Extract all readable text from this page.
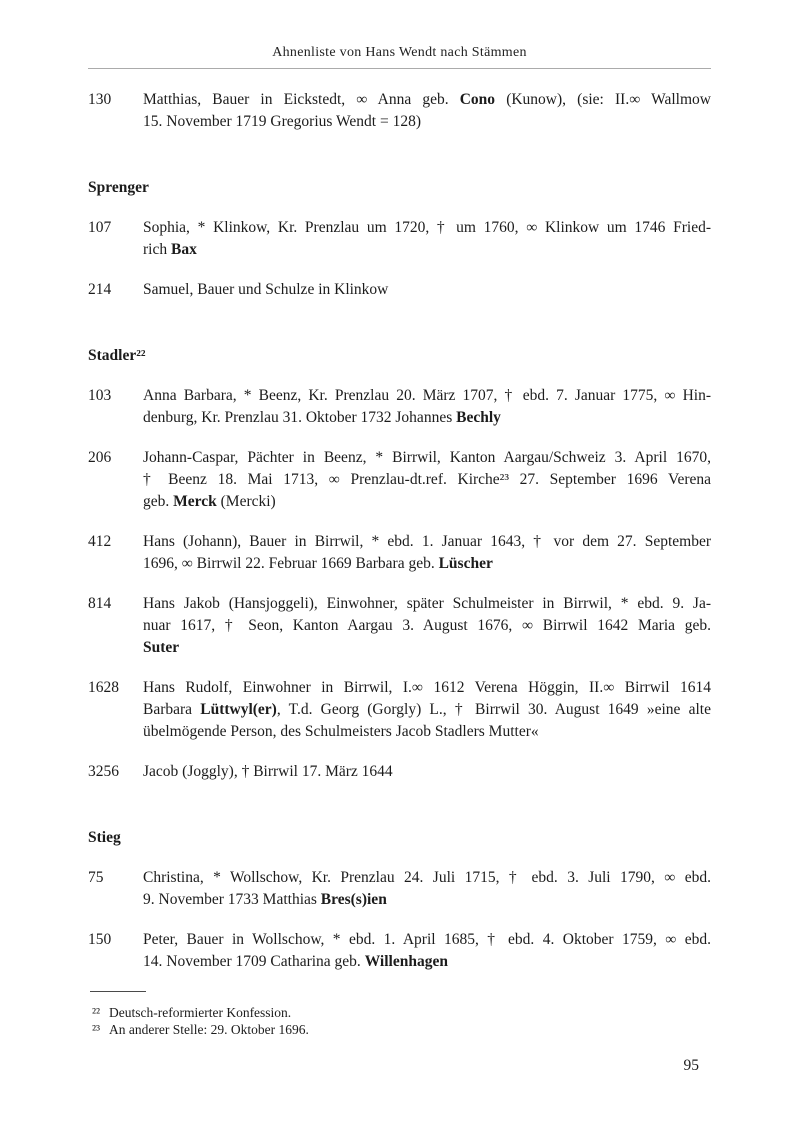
Ahnenliste von Hans Wendt nach Stämmen
130	Matthias, Bauer in Eickstedt, ∞ Anna geb. Cono (Kunow), (sie: II.∞ Wallmow
15. November 1719 Gregorius Wendt = 128)
Sprenger
107	Sophia, * Klinkow, Kr. Prenzlau um 1720, † um 1760, ∞ Klinkow um 1746 Fried-
rich Bax
214	Samuel, Bauer und Schulze in Klinkow
Stadler²²
103	Anna Barbara, * Beenz, Kr. Prenzlau 20. März 1707, † ebd. 7. Januar 1775, ∞ Hin-
denburg, Kr. Prenzlau 31. Oktober 1732 Johannes Bechly
206	Johann-Caspar, Pächter in Beenz, * Birrwil, Kanton Aargau/Schweiz 3. April 1670,
† Beenz 18. Mai 1713, ∞ Prenzlau-dt.ref. Kirche²³ 27. September 1696 Verena
geb. Merck (Mercki)
412	Hans (Johann), Bauer in Birrwil, * ebd. 1. Januar 1643, † vor dem 27. September
1696, ∞ Birrwil 22. Februar 1669 Barbara geb. Lüscher
814	Hans Jakob (Hansjoggeli), Einwohner, später Schulmeister in Birrwil, * ebd. 9. Ja-
nuar 1617, † Seon, Kanton Aargau 3. August 1676, ∞ Birrwil 1642 Maria geb.
Suter
1628	Hans Rudolf, Einwohner in Birrwil, I.∞ 1612 Verena Höggin, II.∞ Birrwil 1614
Barbara Lüttwyl(er), T.d. Georg (Gorgly) L., † Birrwil 30. August 1649 »eine alte
übelmögende Person, des Schulmeisters Jacob Stadlers Mutter«
3256	Jacob (Joggly), † Birrwil 17. März 1644
Stieg
75	Christina, * Wollschow, Kr. Prenzlau 24. Juli 1715, † ebd. 3. Juli 1790, ∞ ebd.
9. November 1733 Matthias Bres(s)ien
150	Peter, Bauer in Wollschow, * ebd. 1. April 1685, † ebd. 4. Oktober 1759, ∞ ebd.
14. November 1709 Catharina geb. Willenhagen
²² Deutsch-reformierter Konfession.
²³ An anderer Stelle: 29. Oktober 1696.
95
